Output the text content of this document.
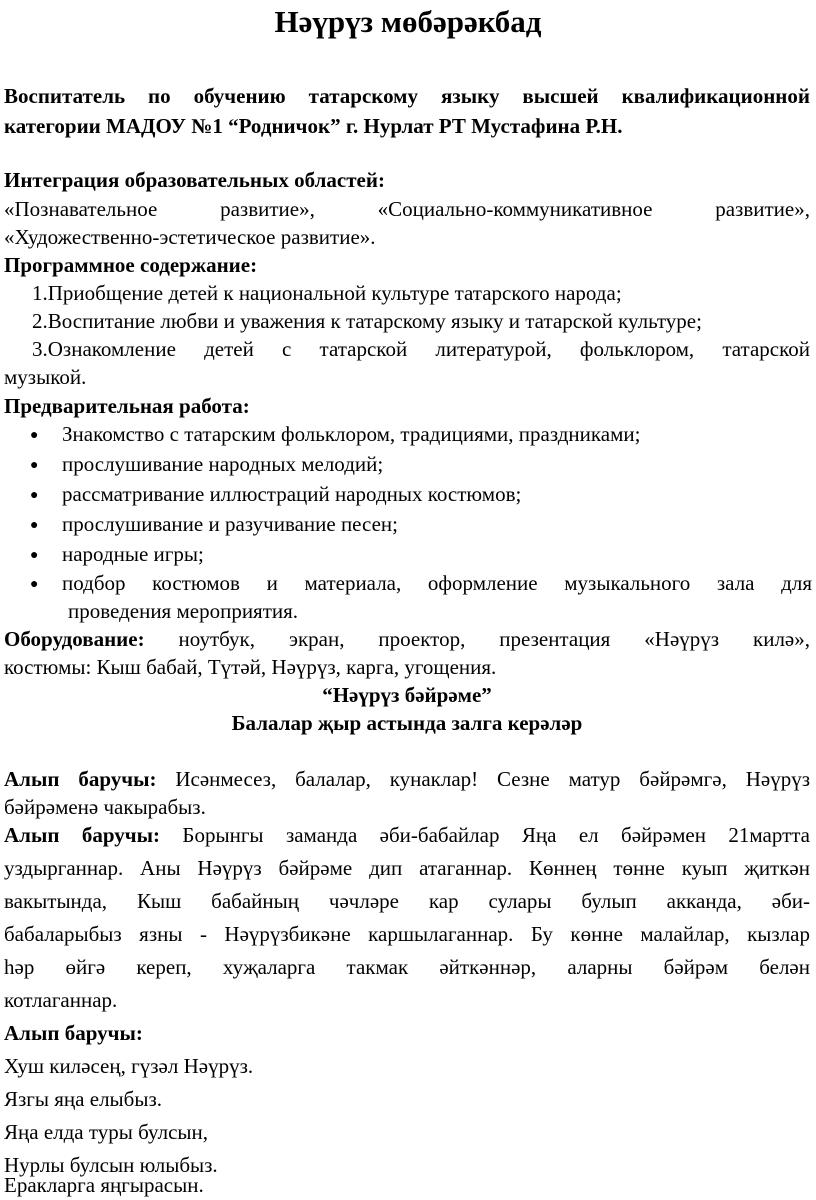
Нәүрүз мөбәрәкбад
Воспитатель по обучению татарскому языку высшей квалификационной
категории МАДОУ №1 “Родничок” г. Нурлат РТ Мустафина Р.Н.
Интеграция образовательных областей:
«Познавательное развитие», «Социально-коммуникативное развитие»,
«Художественно-эстетическое развитие».
Программное содержание:
1.Приобщение детей к национальной культуре татарского народа;
2.Воспитание любви и уважения к татарскому языку и татарской культуре;
3.Ознакомление детей с татарской литературой, фольклором, татарской
музыкой.
Предварительная работа:
● Знакомство с татарским фольклором, традициями, праздниками;
● прослушивание народных мелодий;
● рассматривание иллюстраций народных костюмов;
● прослушивание и разучивание песен;
● народные игры;
● подбор костюмов и материала, оформление музыкального зала для
проведения мероприятия.
Оборудование: ноутбук, экран, проектор, презентация «Нәүрүз килә»,
костюмы: Кыш бабай, Түтәй, Нәүрүз, карга, угощения.
“Нәүрүз бәйрәме”
Балалар җыр астында залга керәләр
Алып баручы: Исәнмесез, балалар, кунаклар! Сезне матур бәйрәмгә, Нәүрүз
бәйрәменә чакырабыз.
Алып баручы: Борынгы заманда әби-бабайлар Яңа ел бәйрәмен 21мартта
уздырганнар. Аны Нәүрүз бәйрәме дип атаганнар. Көннең төнне куып җиткән
вакытында, Кыш бабайның чәчләре кар сулары булып акканда, әби-
бабаларыбыз язны - Нәүрүзбикәне каршылаганнар. Бу көнне малайлар, кызлар
һәр өйгә кереп, хуҗаларга такмак әйткәннәр, аларны бәйрәм белән
котлаганнар.
Алып баручы:
Хуш киләсең, гүзәл Нәүрүз.
Язгы яңа елыбыз.
Яңа елда туры булсын,
Нурлы булсын юлыбыз.
Еракларга яңгырасын.
